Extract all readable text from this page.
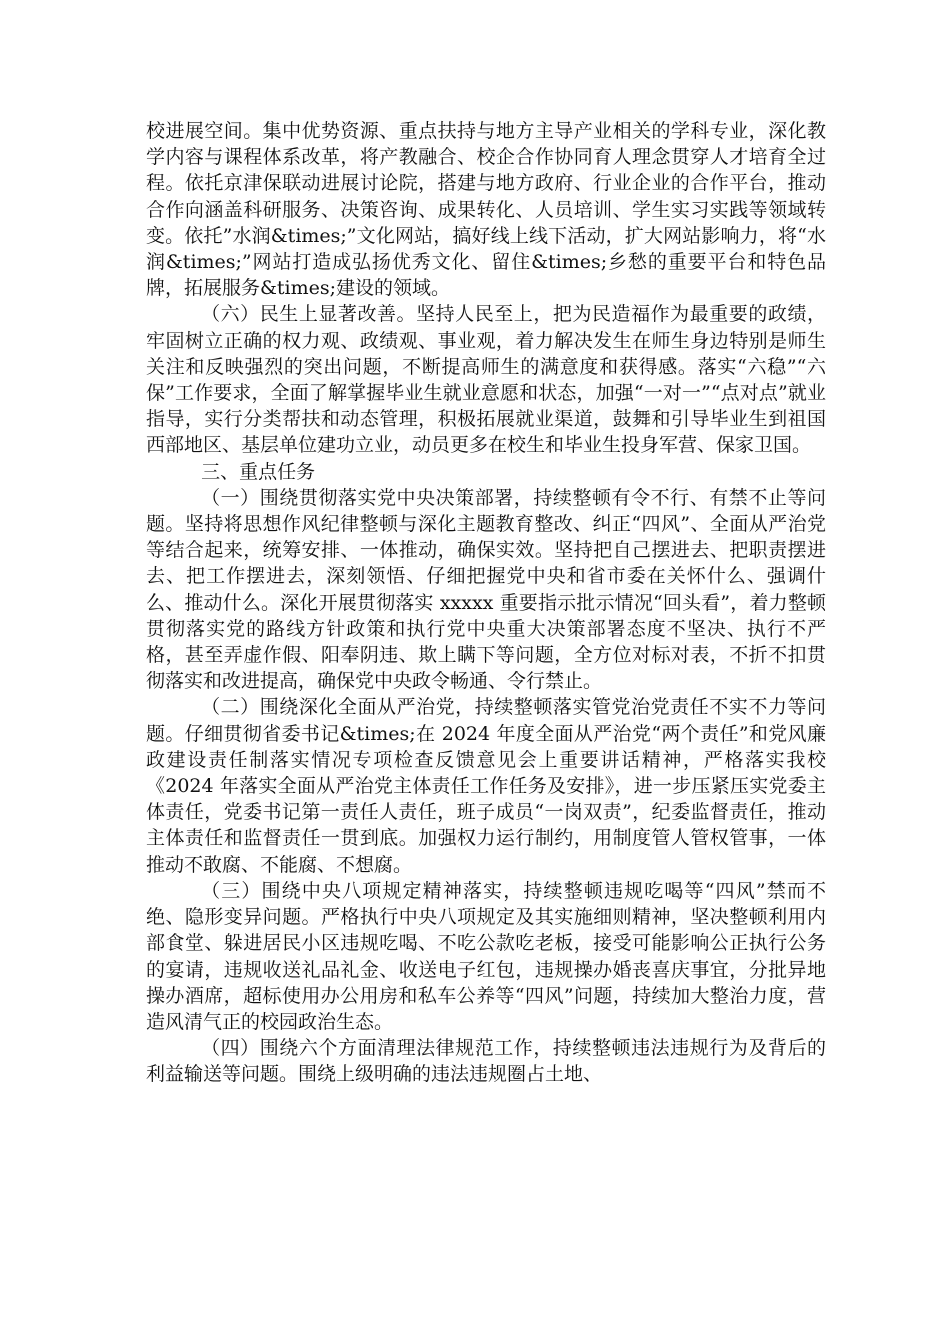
校进展空间。集中优势资源、重点扶持与地方主导产业相关的学科专业，深化教学内容与课程体系改革，将产教融合、校企合作协同育人理念贯穿人才培育全过程。依托京津保联动进展讨论院，搭建与地方政府、行业企业的合作平台，推动合作向涵盖科研服务、决策咨询、成果转化、人员培训、学生实习实践等领域转变。依托”水润&times;”文化网站，搞好线上线下活动，扩大网站影响力，将“水润&times;”网站打造成弘扬优秀文化、留住&times;乡愁的重要平台和特色品牌，拓展服务&times;建设的领域。

（六）民生上显著改善。坚持人民至上，把为民造福作为最重要的政绩，牢固树立正确的权力观、政绩观、事业观，着力解决发生在师生身边特别是师生关注和反映强烈的突出问题，不断提高师生的满意度和获得感。落实“六稳”“六保”工作要求，全面了解掌握毕业生就业意愿和状态，加强“一对一”“点对点”就业指导，实行分类帮扶和动态管理，积极拓展就业渠道，鼓舞和引导毕业生到祖国西部地区、基层单位建功立业，动员更多在校生和毕业生投身军营、保家卫国。

三、重点任务

（一）围绕贯彻落实党中央决策部署，持续整顿有令不行、有禁不止等问题。坚持将思想作风纪律整顿与深化主题教育整改、纠正“四风”、全面从严治党等结合起来，统筹安排、一体推动，确保实效。坚持把自己摆进去、把职责摆进去、把工作摆进去，深刻领悟、仔细把握党中央和省市委在关怀什么、强调什么、推动什么。深化开展贯彻落实 xxxxx 重要指示批示情况“回头看”，着力整顿贯彻落实党的路线方针政策和执行党中央重大决策部署态度不坚决、执行不严格，甚至弄虚作假、阳奉阴违、欺上瞒下等问题，全方位对标对表，不折不扣贯彻落实和改进提高，确保党中央政令畅通、令行禁止。

（二）围绕深化全面从严治党，持续整顿落实管党治党责任不实不力等问题。仔细贯彻省委书记&times;在 2024 年度全面从严治党“两个责任”和党风廉政建设责任制落实情况专项检查反馈意见会上重要讲话精神，严格落实我校《2024 年落实全面从严治党主体责任工作任务及安排》，进一步压紧压实党委主体责任，党委书记第一责任人责任，班子成员“一岗双责”，纪委监督责任，推动主体责任和监督责任一贯到底。加强权力运行制约，用制度管人管权管事，一体推动不敢腐、不能腐、不想腐。

（三）围绕中央八项规定精神落实，持续整顿违规吃喝等“四风”禁而不绝、隐形变异问题。严格执行中央八项规定及其实施细则精神，坚决整顿利用内部食堂、躲进居民小区违规吃喝、不吃公款吃老板，接受可能影响公正执行公务的宴请，违规收送礼品礼金、收送电子红包，违规操办婚丧喜庆事宜，分批异地操办酒席，超标使用办公用房和私车公养等“四风”问题，持续加大整治力度，营造风清气正的校园政治生态。

（四）围绕六个方面清理法律规范工作，持续整顿违法违规行为及背后的利益输送等问题。围绕上级明确的违法违规圈占土地、
